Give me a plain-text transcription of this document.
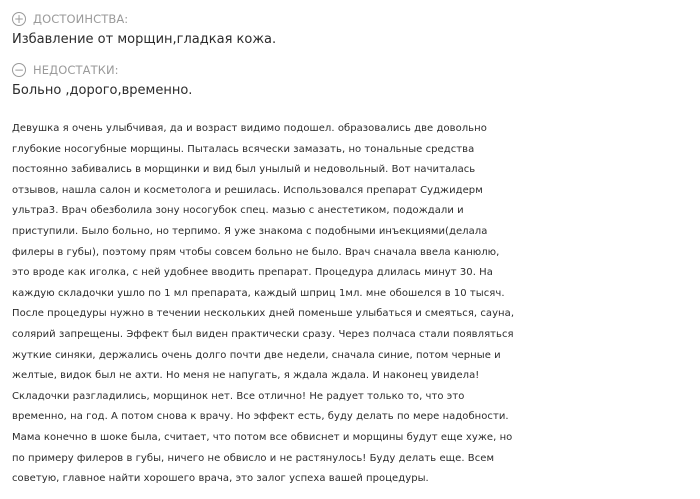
+ ДОСТОИНСТВА:
Избавление от морщин,гладкая кожа.
− НЕДОСТАТКИ:
Больно ,дорого,временно.
Девушка я очень улыбчивая, да и возраст видимо подошел. образовались две довольно
глубокие носогубные морщины. Пыталась всячески замазать, но тональные средства
постоянно забивались в морщинки и вид был унылый и недовольный. Вот начиталась
отзывов, нашла салон и косметолога и решилась. Использовался препарат Суджидерм
ультра3. Врач обезболила зону носогубок спец. мазью с анестетиком, подождали и
приступили. Было больно, но терпимо. Я уже знакома с подобными инъекциями(делала
филеры в губы), поэтому прям чтобы совсем больно не было. Врач сначала ввела канюлю,
это вроде как иголка, с ней удобнее вводить препарат. Процедура длилась минут 30. На
каждую складочки ушло по 1 мл препарата, каждый шприц 1мл. мне обошелся в 10 тысяч.
После процедуры нужно в течении нескольких дней поменьше улыбаться и смеяться, сауна,
солярий запрещены. Эффект был виден практически сразу. Через полчаса стали появляться
жуткие синяки, держались очень долго почти две недели, сначала синие, потом черные и
желтые, видок был не ахти. Но меня не напугать, я ждала ждала. И наконец увидела!
Складочки разгладились, морщинок нет. Все отлично! Не радует только то, что это
временно, на год. А потом снова к врачу. Но эффект есть, буду делать по мере надобности.
Мама конечно в шоке была, считает, что потом все обвиснет и морщины будут еще хуже, но
по примеру филеров в губы, ничего не обвисло и не растянулось! Буду делать еще. Всем
советую, главное найти хорошего врача, это залог успеха вашей процедуры.
